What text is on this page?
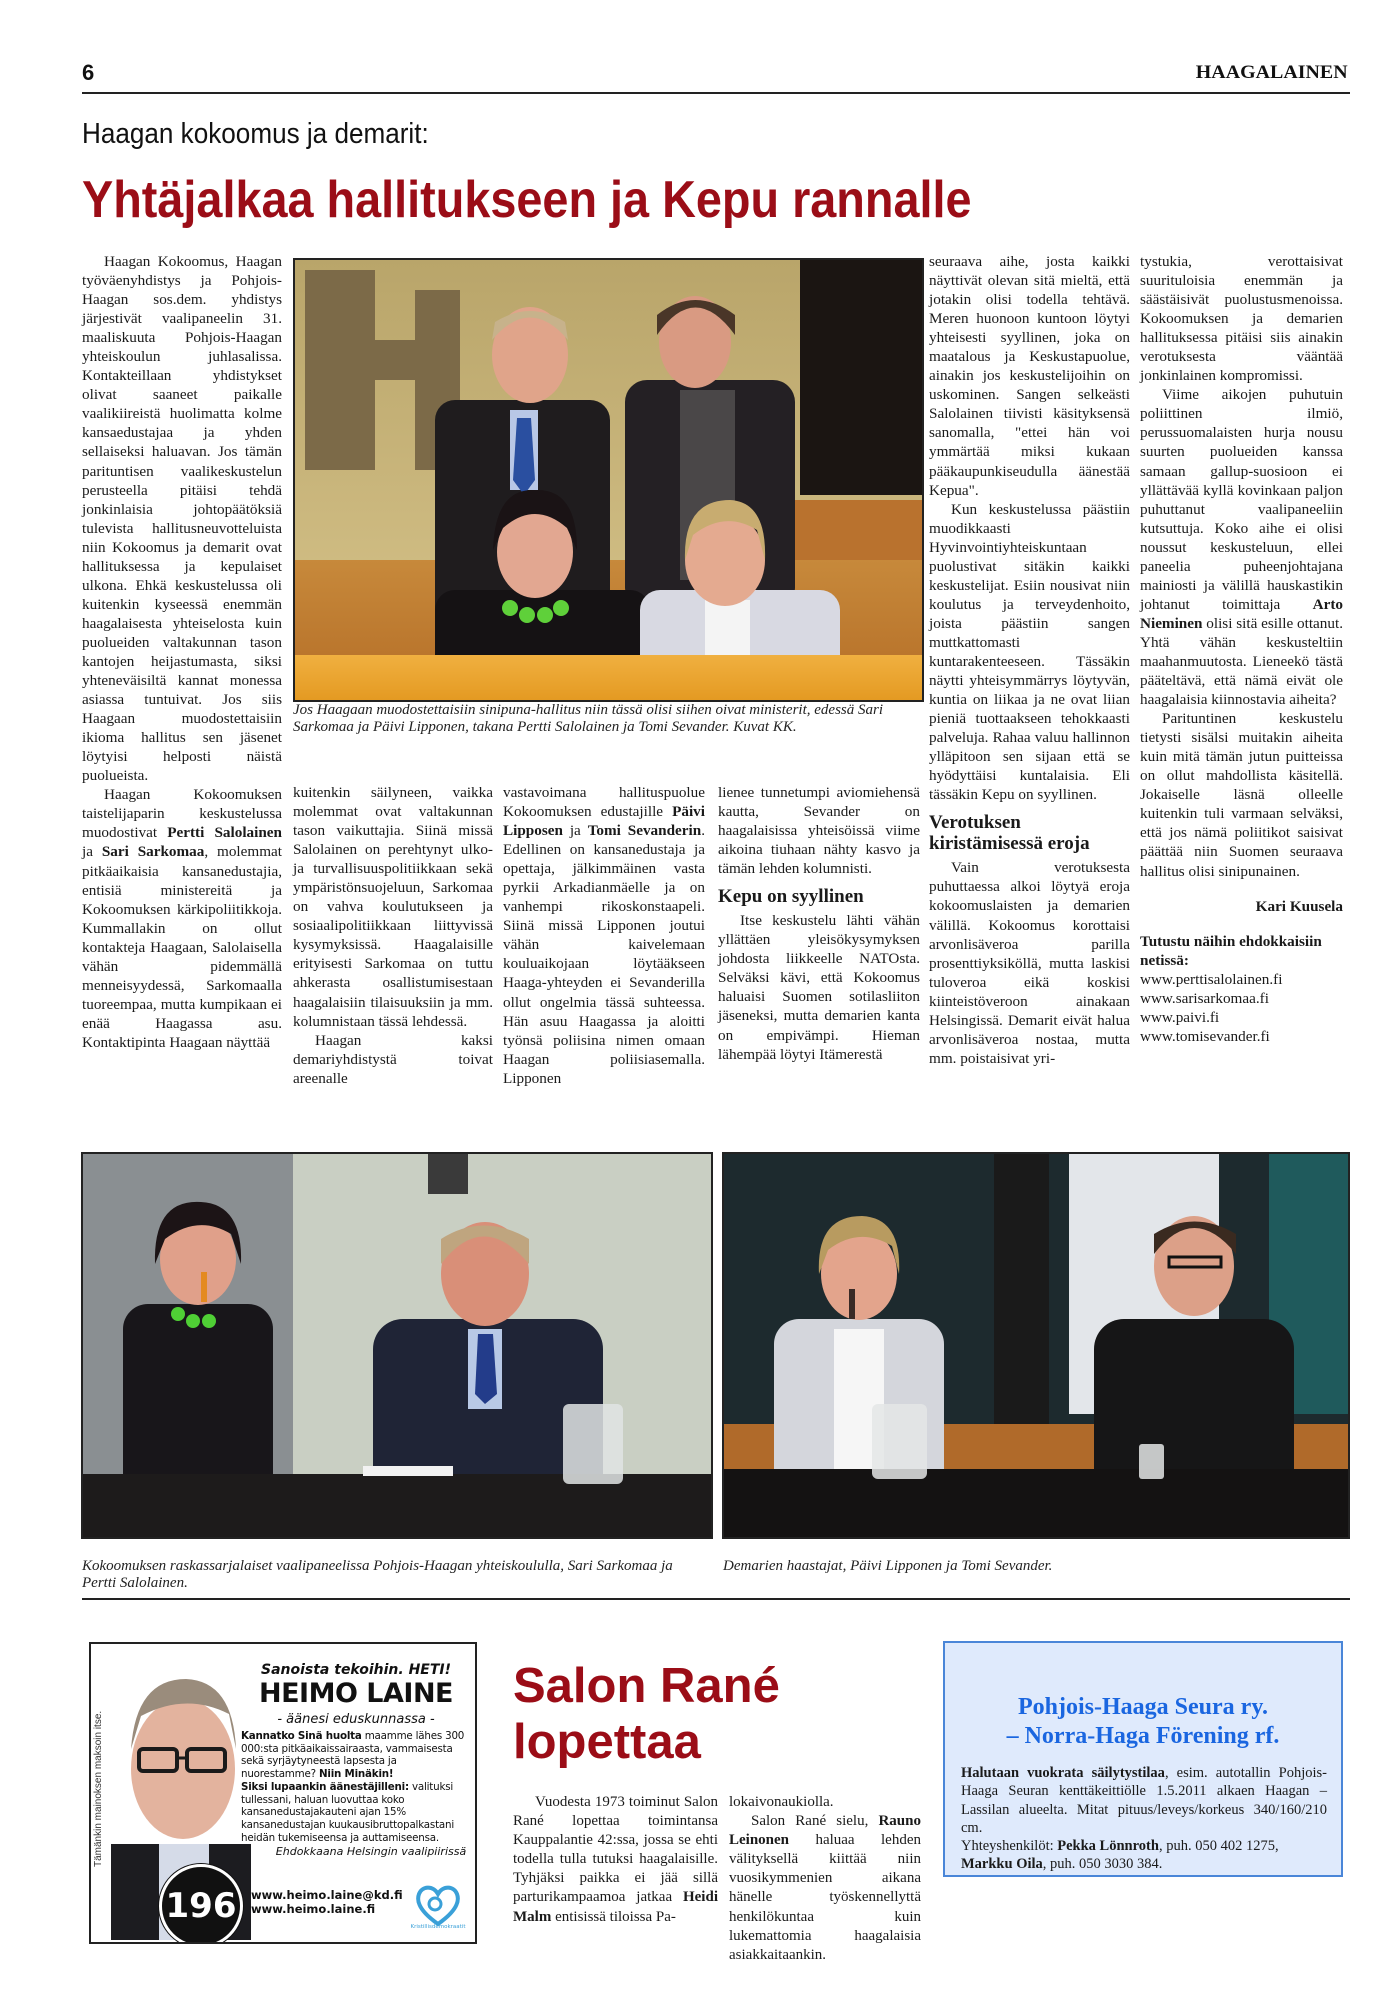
6	HAAGALAINEN
Haagan kokoomus ja demarit:
Yhtäjalkaa hallitukseen ja Kepu rannalle

Haagan Kokoomus, Haagan työväenyhdistys ja Pohjois-Haagan sos.dem. yhdistys järjestivät vaalipaneelin 31. maaliskuuta Pohjois-Haagan yhteiskoulun juhlasalissa. Kontakteillaan yhdistykset olivat saaneet paikalle vaalikiireistä huolimatta kolme kansaedustajaa ja yhden sellaiseksi haluavan. Jos tämän parituntisen vaalikeskustelun perusteella pitäisi tehdä jonkinlaisia johtopäätöksiä tulevista hallitusneuvotteluista niin Kokoomus ja demarit ovat hallituksessa ja kepulaiset ulkona. Ehkä keskustelussa oli kuitenkin kyseessä enemmän haagalaisesta yhteiselosta kuin puolueiden valtakunnan tason kantojen heijastumasta, siksi yhteneväisiltä kannat monessa asiassa tuntuivat. Jos siis Haagaan muodostettaisiin ikioma hallitus sen jäsenet löytyisi helposti näistä puolueista.

Haagan Kokoomuksen taistelijaparin keskustelussa muodostivat Pertti Salolainen ja Sari Sarkomaa, molemmat pitkäaikaisia kansanedustajia, entisiä ministereitä ja Kokoomuksen kärkipoliitikkoja. Kummallakin on ollut kontakteja Haagaan, Salolaisella vähän pidemmällä menneisyydessä, Sarkomaalla tuoreempaa, mutta kumpikaan ei enää Haagassa asu. Kontaktipinta Haagaan näyttää

Jos Haagaan muodostettaisiin sinipuna-hallitus niin tässä olisi siihen oivat ministerit, edessä Sari Sarkomaa ja Päivi Lipponen, takana Pertti Salolainen ja Tomi Sevander. Kuvat KK.

kuitenkin säilyneen, vaikka molemmat ovat valtakunnan tason vaikuttajia. Siinä missä Salolainen on perehtynyt ulko- ja turvallisuuspolitiikkaan sekä ympäristönsuojeluun, Sarkomaa on vahva koulutukseen ja sosiaalipolitiikkaan liittyvissä kysymyksissä. Haagalaisille erityisesti Sarkomaa on tuttu ahkerasta osallistumisestaan haagalaisiin tilaisuuksiin ja mm. kolumnistaan tässä lehdessä.

Haagan kaksi demariyhdistystä toivat areenalle

vastavoimana hallituspuolue Kokoomuksen edustajille Päivi Lipposen ja Tomi Sevanderin. Edellinen on kansanedustaja ja opettaja, jälkimmäinen vasta pyrkii Arkadianmäelle ja on vanhempi rikoskonstaapeli. Siinä missä Lipponen joutui vähän kaivelemaan kouluaikojaan löytääkseen Haaga-yhteyden ei Sevanderilla ollut ongelmia tässä suhteessa. Hän asuu Haagassa ja aloitti työnsä poliisina nimen omaan Haagan poliisiasemalla. Lipponen

lienee tunnetumpi aviomiehensä kautta, Sevander on haagalaisissa yhteisöissä viime aikoina tiuhaan nähty kasvo ja tämän lehden kolumnisti.

Kepu on syyllinen

Itse keskustelu lähti vähän yllättäen yleisökysymyksen johdosta liikkeelle NATOsta. Selväksi kävi, että Kokoomus haluaisi Suomen sotilasliiton jäseneksi, mutta demarien kanta on empivämpi. Hieman lähempää löytyi Itämerestä

seuraava aihe, josta kaikki näyttivät olevan sitä mieltä, että jotakin olisi todella tehtävä. Meren huonoon kuntoon löytyi yhteisesti syyllinen, joka on maatalous ja Keskustapuolue, ainakin jos keskustelijoihin on uskominen. Sangen selkeästi Salolainen tiivisti käsityksensä sanomalla, "ettei hän voi ymmärtää miksi kukaan pääkaupunkiseudulla äänestää Kepua".

Kun keskustelussa päästiin muodikkaasti Hyvinvointiyhteiskuntaan puolustivat sitäkin kaikki keskustelijat. Esiin nousivat niin koulutus ja terveydenhoito, joista päästiin sangen muttkattomasti kuntarakenteeseen. Tässäkin näytti yhteisymmärrys löytyvän, kuntia on liikaa ja ne ovat liian pieniä tuottaakseen tehokkaasti palveluja. Rahaa valuu hallinnon ylläpitoon sen sijaan että se hyödyttäisi kuntalaisia. Eli tässäkin Kepu on syyllinen.

Verotuksen kiristämisessä eroja

Vain verotuksesta puhuttaessa alkoi löytyä eroja kokoomuslaisten ja demarien välillä. Kokoomus korottaisi arvonlisäveroa parilla prosenttiyksiköllä, mutta laskisi tuloveroa eikä koskisi kiinteistöveroon ainakaan Helsingissä. Demarit eivät halua arvonlisäveroa nostaa, mutta mm. poistaisivat yri-

tystukia, verottaisivat suurituloisia enemmän ja säästäisivät puolustusmenoissa. Kokoomuksen ja demarien hallituksessa pitäisi siis ainakin verotuksesta vääntää jonkinlainen kompromissi.

Viime aikojen puhutuin poliittinen ilmiö, perussuomalaisten hurja nousu suurten puolueiden kanssa samaan gallup-suosioon ei yllättävää kyllä kovinkaan paljon puhuttanut vaalipaneeliin kutsuttuja. Koko aihe ei olisi noussut keskusteluun, ellei paneelia puheenjohtajana mainiosti ja välillä hauskastikin johtanut toimittaja Arto Nieminen olisi sitä esille ottanut. Yhtä vähän keskusteltiin maahanmuutosta. Lieneekö tästä pääteltävä, että nämä eivät ole haagalaisia kiinnostavia aiheita?

Parituntinen keskustelu tietysti sisälsi muitakin aiheita kuin mitä tämän jutun puitteissa on ollut mahdollista käsitellä. Jokaiselle läsnä olleelle kuitenkin tuli varmaan selväksi, että jos nämä poliitikot saisivat päättää niin Suomen seuraava hallitus olisi sinipunainen.

Kari Kuusela

Tutustu näihin ehdokkaisiin netissä:

www.perttisalolainen.fi

www.sarisarkomaa.fi

www.paivi.fi

www.tomisevander.fi

Kokoomuksen raskassarjalaiset vaalipaneelissa Pohjois-Haagan yhteiskoululla, Sari Sarkomaa ja Pertti Salolainen.
Demarien haastajat, Päivi Lipponen ja Tomi Sevander.
Tämänkin mainoksen maksoin itse.
Sanoista tekoihin. HETI!
HEIMO LAINE
- äänesi eduskunnassa -
Kannatko Sinä huolta maamme lähes 300 000:sta pitkäaikaissairaasta, vammaisesta sekä syrjäytyneestä lapsesta ja nuorestamme? Niin Minäkin!
Siksi lupaankin äänestäjilleni: valituksi tullessani, haluan luovuttaa koko kansanedustajakauteni ajan 15% kansanedustajan kuukausibruttopalkastani heidän tukemiseensa ja auttamiseensa.
Ehdokkaana Helsingin vaalipiirissä
196	www.heimo.laine@kd.fi
www.heimo.laine.fi
Kristillisdemokraatit
Salon Rané
lopettaa

Vuodesta 1973 toiminut Salon Rané lopettaa toimintansa Kauppalantie 42:ssa, jossa se ehti todella tulla tutuksi haagalaisille. Tyhjäksi paikka ei jää sillä parturikampaamoa jatkaa Heidi Malm entisissä tiloissa Pa-

lokaivonaukiolla.

Salon Rané sielu, Rauno Leinonen haluaa lehden välityksellä kiittää niin vuosikymmenien aikana hänelle työskennellyttä henkilökuntaa kuin lukemattomia haagalaisia asiakkaitaankin.

Pohjois-Haaga Seura ry.
– Norra-Haga Förening rf.
Halutaan vuokrata säilytystilaa, esim. autotallin Pohjois-Haaga Seuran kenttäkeittiölle 1.5.2011 alkaen Haagan – Lassilan alueelta. Mitat pituus/leveys/korkeus 340/160/210 cm.
Yhteyshenkilöt: Pekka Lönnroth, puh. 050 402 1275,
Markku Oila, puh. 050 3030 384.
